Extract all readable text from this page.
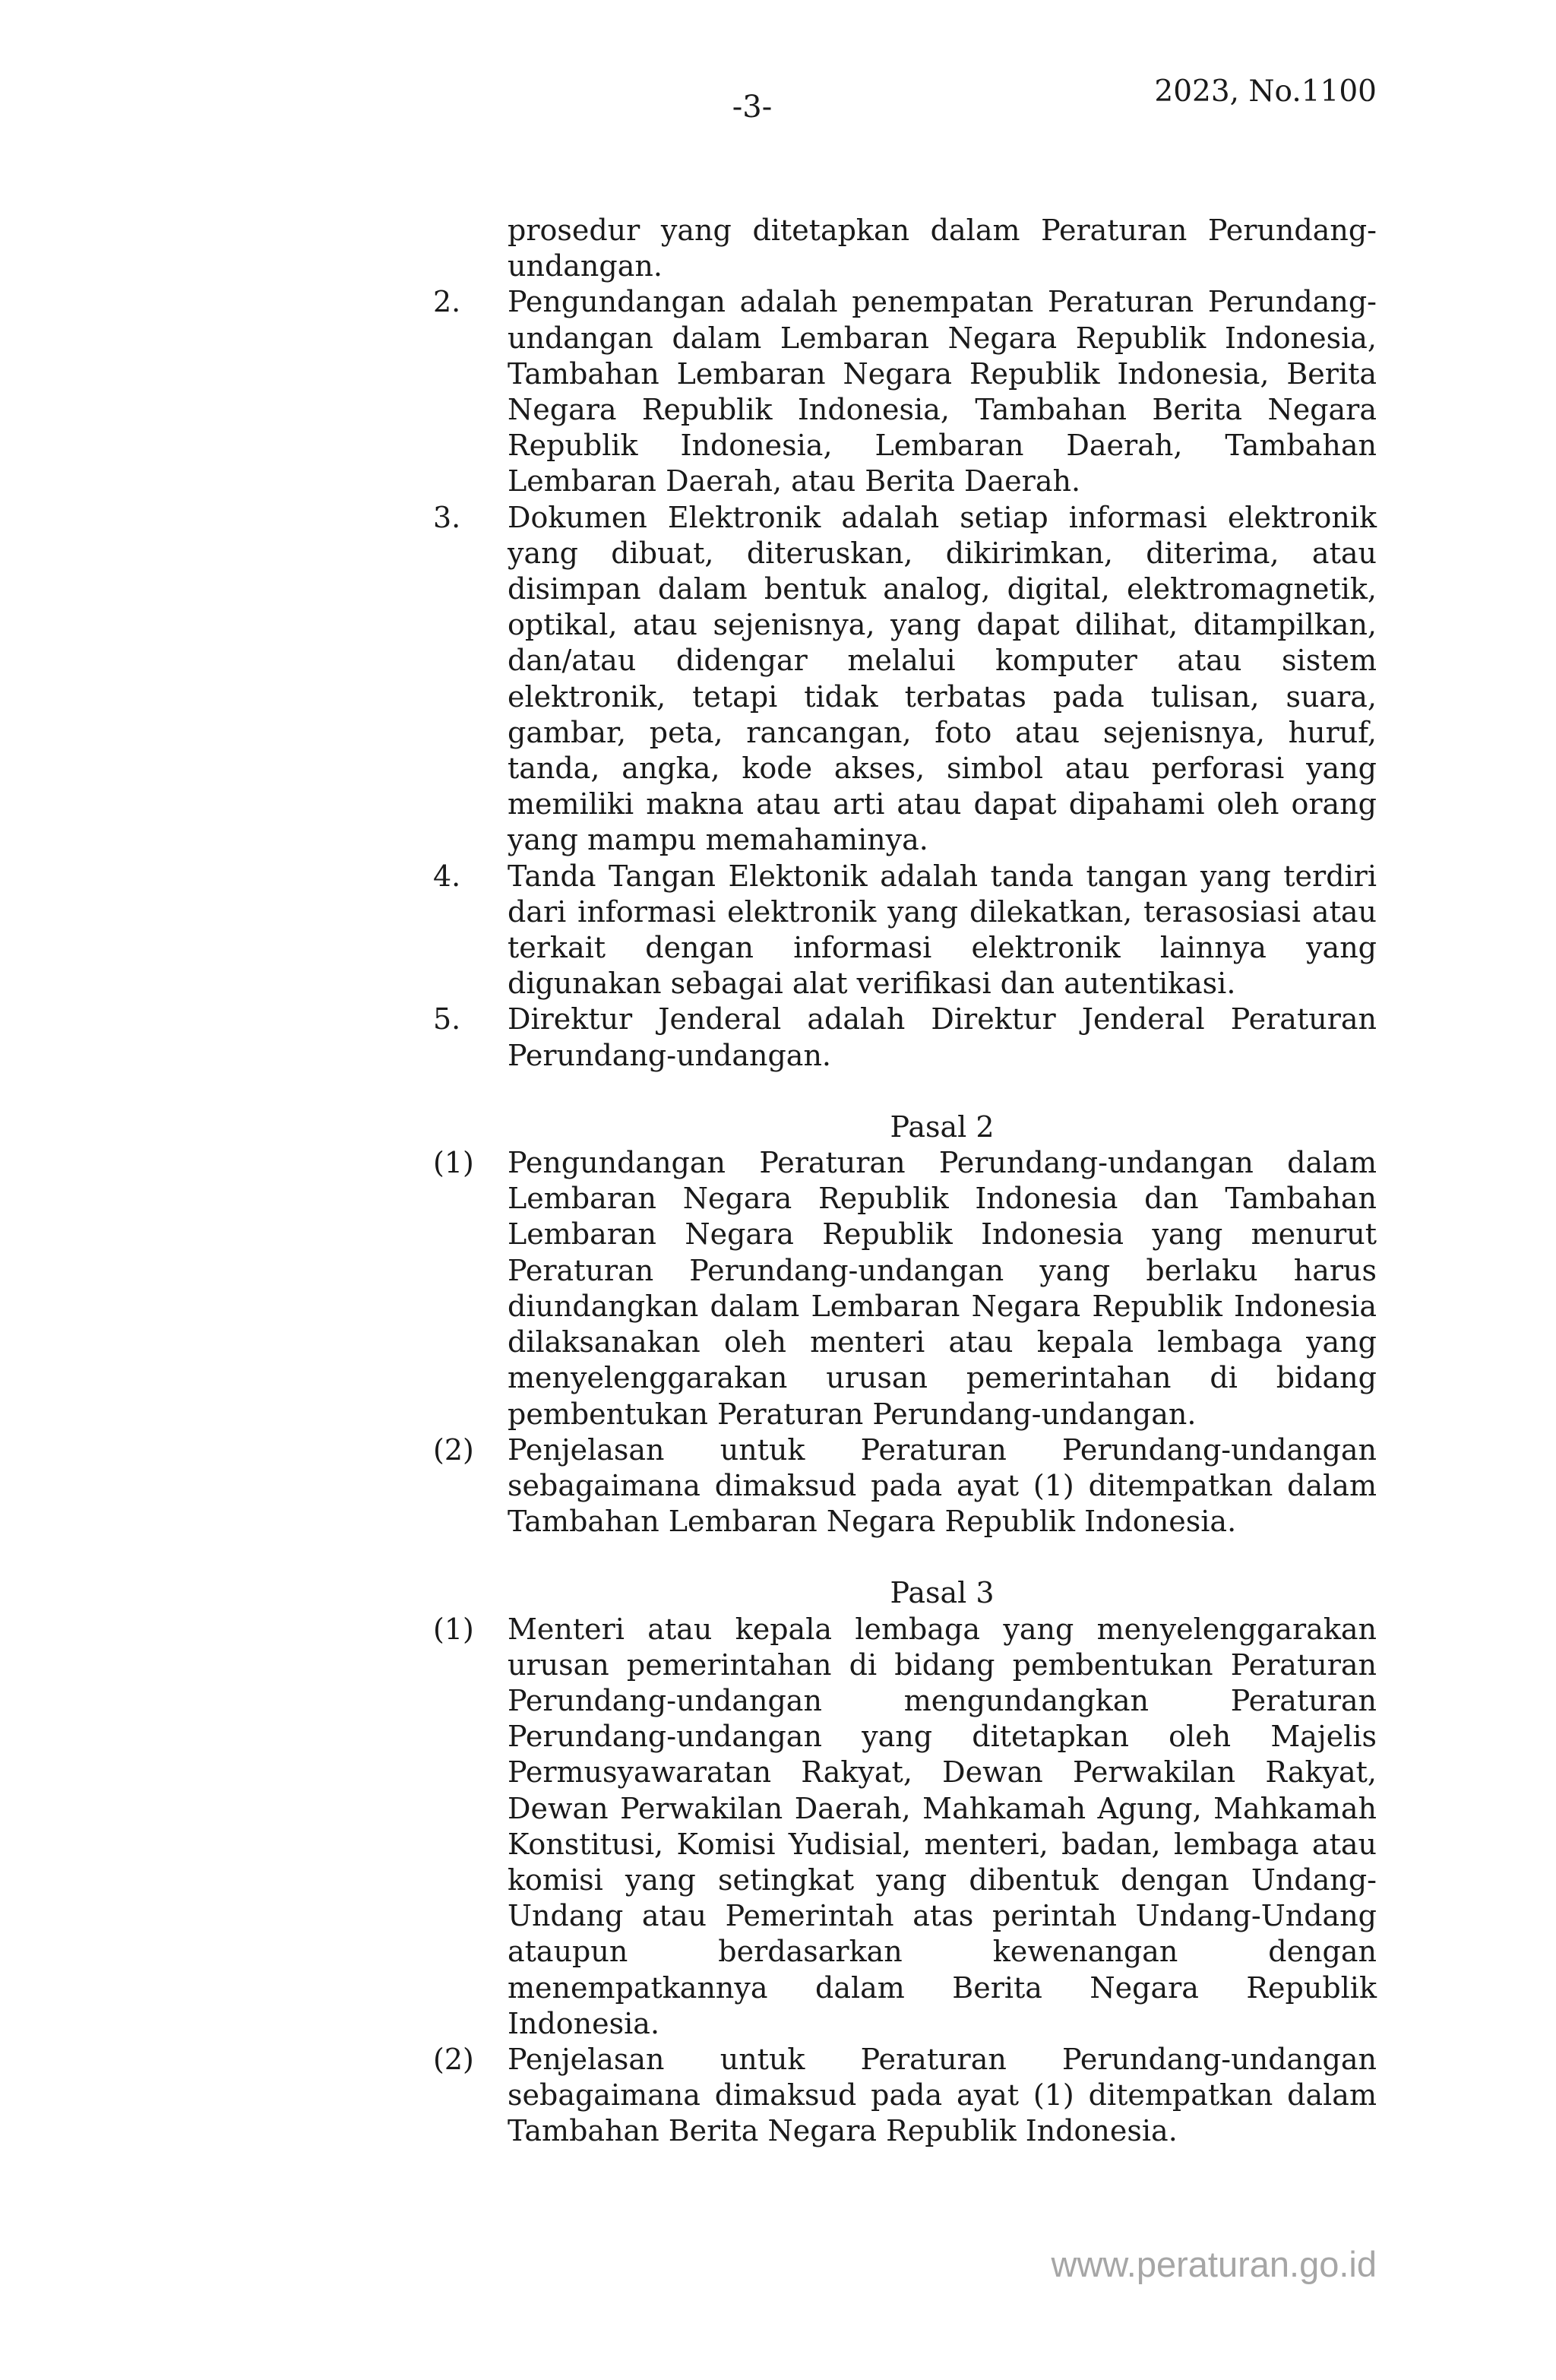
-3-	2023, No.1100
prosedur yang ditetapkan dalam Peraturan Perundang-undangan.
2.	Pengundangan adalah penempatan Peraturan Perundang-undangan dalam Lembaran Negara Republik Indonesia, Tambahan Lembaran Negara Republik Indonesia, Berita Negara Republik Indonesia, Tambahan Berita Negara Republik Indonesia, Lembaran Daerah, Tambahan Lembaran Daerah, atau Berita Daerah.
3.	Dokumen Elektronik adalah setiap informasi elektronik yang dibuat, diteruskan, dikirimkan, diterima, atau disimpan dalam bentuk analog, digital, elektromagnetik, optikal, atau sejenisnya, yang dapat dilihat, ditampilkan, dan/atau didengar melalui komputer atau sistem elektronik, tetapi tidak terbatas pada tulisan, suara, gambar, peta, rancangan, foto atau sejenisnya, huruf, tanda, angka, kode akses, simbol atau perforasi yang memiliki makna atau arti atau dapat dipahami oleh orang yang mampu memahaminya.
4.	Tanda Tangan Elektonik adalah tanda tangan yang terdiri dari informasi elektronik yang dilekatkan, terasosiasi atau terkait dengan informasi elektronik lainnya yang digunakan sebagai alat verifikasi dan autentikasi.
5.	Direktur Jenderal adalah Direktur Jenderal Peraturan Perundang-undangan.
Pasal 2
(1)	Pengundangan Peraturan Perundang-undangan dalam Lembaran Negara Republik Indonesia dan Tambahan Lembaran Negara Republik Indonesia yang menurut Peraturan Perundang-undangan yang berlaku harus diundangkan dalam Lembaran Negara Republik Indonesia dilaksanakan oleh menteri atau kepala lembaga yang menyelenggarakan urusan pemerintahan di bidang pembentukan Peraturan Perundang-undangan.
(2)	Penjelasan untuk Peraturan Perundang-undangan sebagaimana dimaksud pada ayat (1) ditempatkan dalam Tambahan Lembaran Negara Republik Indonesia.
Pasal 3
(1)	Menteri atau kepala lembaga yang menyelenggarakan urusan pemerintahan di bidang pembentukan Peraturan Perundang-undangan mengundangkan Peraturan Perundang-undangan yang ditetapkan oleh Majelis Permusyawaratan Rakyat, Dewan Perwakilan Rakyat, Dewan Perwakilan Daerah, Mahkamah Agung, Mahkamah Konstitusi, Komisi Yudisial, menteri, badan, lembaga atau komisi yang setingkat yang dibentuk dengan Undang-Undang atau Pemerintah atas perintah Undang-Undang ataupun berdasarkan kewenangan dengan menempatkannya dalam Berita Negara Republik Indonesia.
(2)	Penjelasan untuk Peraturan Perundang-undangan sebagaimana dimaksud pada ayat (1) ditempatkan dalam Tambahan Berita Negara Republik Indonesia.
www.peraturan.go.id
